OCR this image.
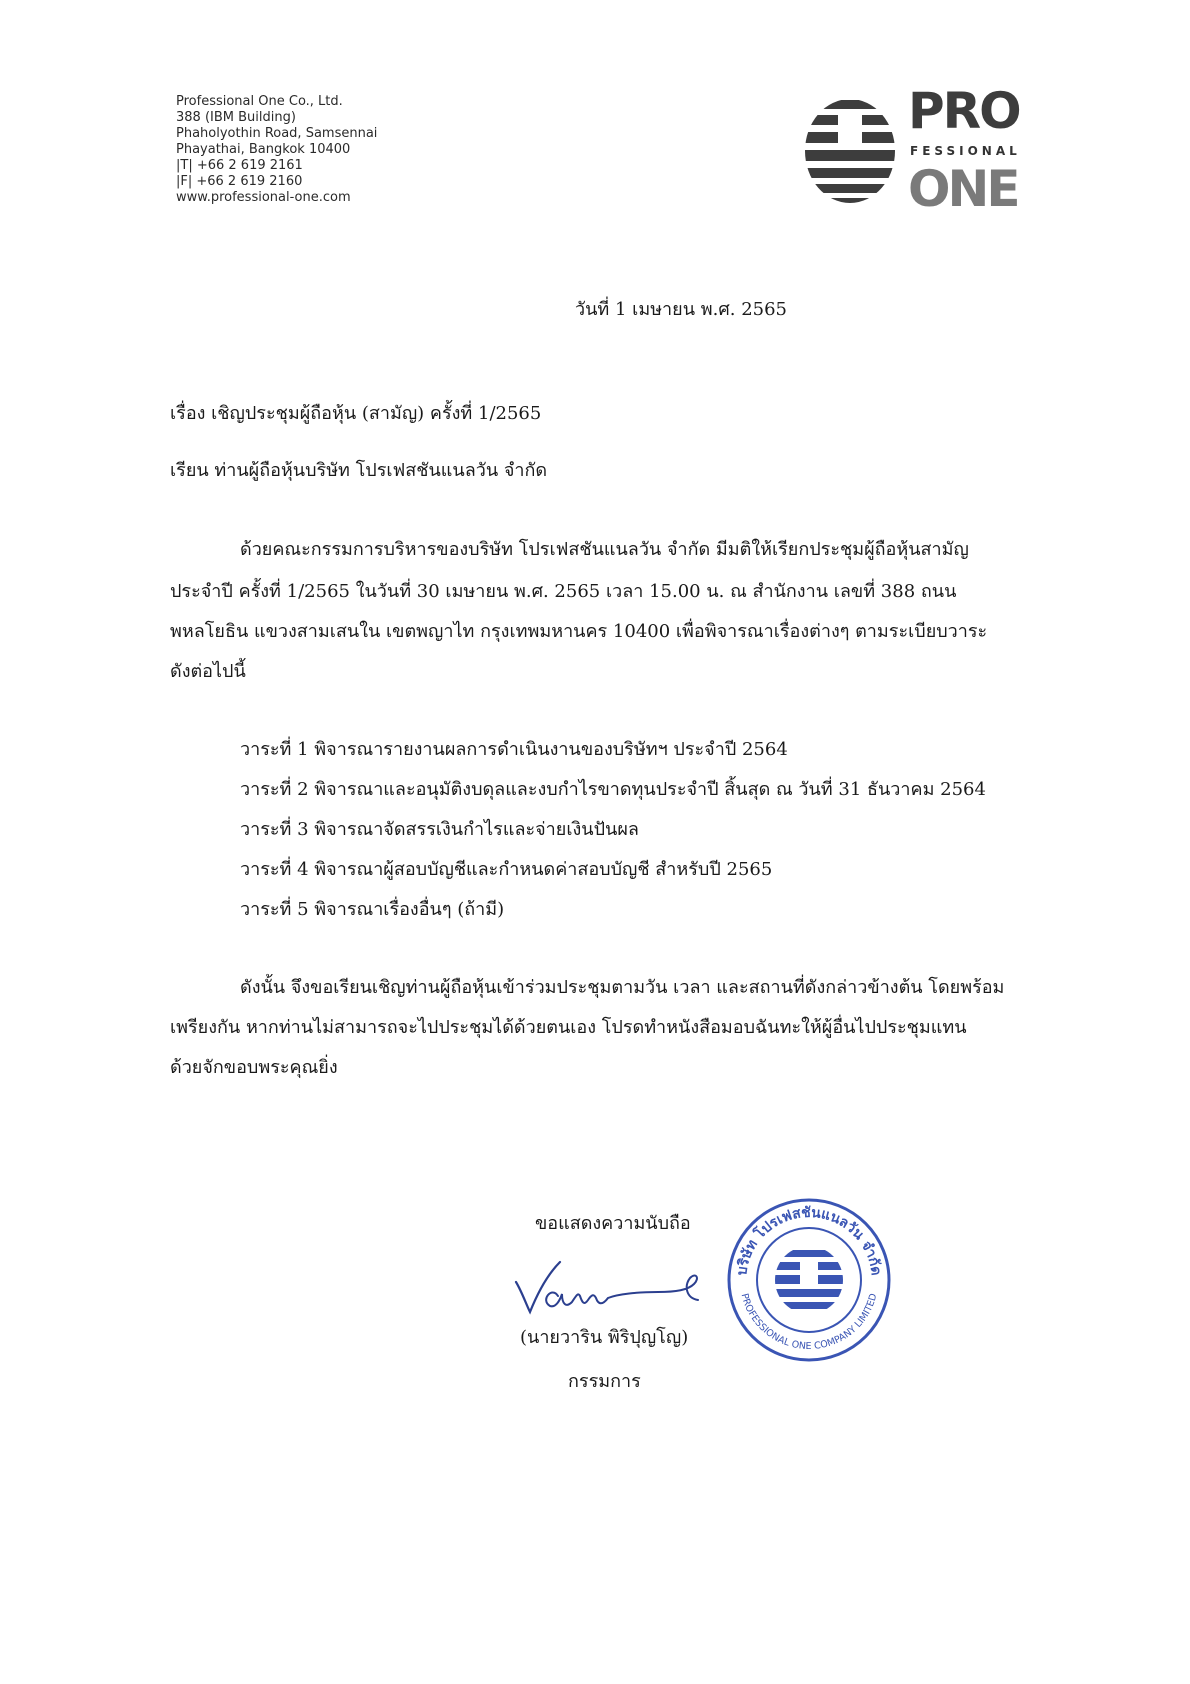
Professional One Co., Ltd.
388 (IBM Building)
Phaholyothin Road, Samsennai
Phayathai, Bangkok 10400
|T| +66 2 619 2161
|F| +66 2 619 2160
www.professional-one.com
PRO
FESSIONAL
ONE
วันที่ 1 เมษายน พ.ศ. 2565
เรื่อง เชิญประชุมผู้ถือหุ้น (สามัญ) ครั้งที่ 1/2565
เรียน ท่านผู้ถือหุ้นบริษัท โปรเฟสชันแนลวัน จำกัด
ด้วยคณะกรรมการบริหารของบริษัท โปรเฟสชันแนลวัน จำกัด มีมติให้เรียกประชุมผู้ถือหุ้นสามัญ
ประจำปี ครั้งที่ 1/2565 ในวันที่ 30 เมษายน พ.ศ. 2565 เวลา 15.00 น. ณ สำนักงาน เลขที่ 388 ถนน
พหลโยธิน แขวงสามเสนใน เขตพญาไท กรุงเทพมหานคร 10400 เพื่อพิจารณาเรื่องต่างๆ ตามระเบียบวาระ
ดังต่อไปนี้
วาระที่ 1 พิจารณารายงานผลการดำเนินงานของบริษัทฯ ประจำปี 2564
วาระที่ 2 พิจารณาและอนุมัติงบดุลและงบกำไรขาดทุนประจำปี สิ้นสุด ณ วันที่ 31 ธันวาคม 2564
วาระที่ 3 พิจารณาจัดสรรเงินกำไรและจ่ายเงินปันผล
วาระที่ 4 พิจารณาผู้สอบบัญชีและกำหนดค่าสอบบัญชี สำหรับปี 2565
วาระที่ 5 พิจารณาเรื่องอื่นๆ (ถ้ามี)
ดังนั้น จึงขอเรียนเชิญท่านผู้ถือหุ้นเข้าร่วมประชุมตามวัน เวลา และสถานที่ดังกล่าวข้างต้น โดยพร้อม
เพรียงกัน หากท่านไม่สามารถจะไปประชุมได้ด้วยตนเอง โปรดทำหนังสือมอบฉันทะให้ผู้อื่นไปประชุมแทน
ด้วยจักขอบพระคุณยิ่ง
ขอแสดงความนับถือ
(นายวาริน พิริปุญโญ)
กรรมการ
บริษัท โปรเฟสชันแนลวัน จำกัด
PROFESSIONAL ONE COMPANY LIMITED
